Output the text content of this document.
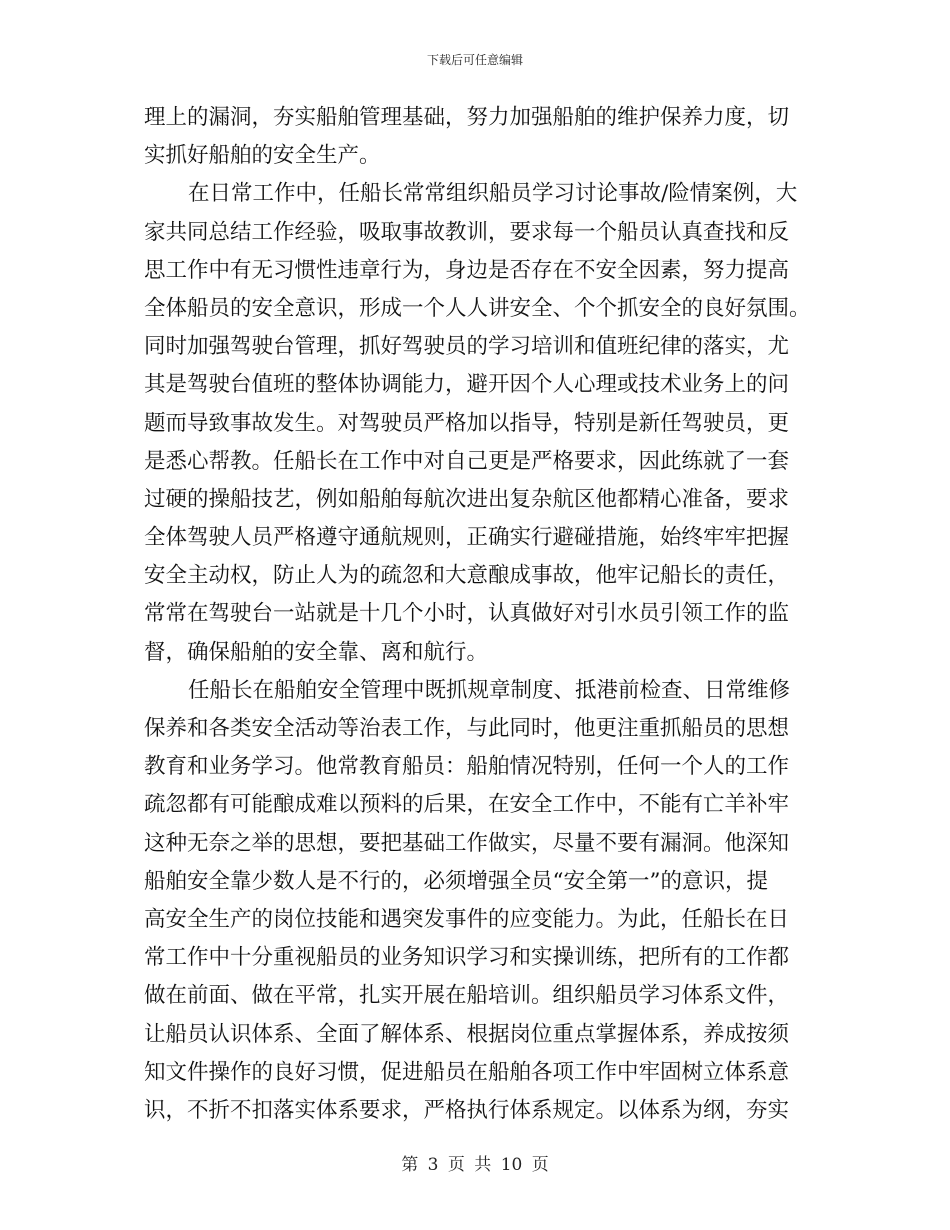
下载后可任意编辑

理上的漏洞，夯实船舶管理基础，努力加强船舶的维护保养力度，切
实抓好船舶的安全生产。

在日常工作中，任船长常常组织船员学习讨论事故/险情案例，大
家共同总结工作经验，吸取事故教训，要求每一个船员认真查找和反
思工作中有无习惯性违章行为，身边是否存在不安全因素，努力提高
全体船员的安全意识，形成一个人人讲安全、个个抓安全的良好氛围。
同时加强驾驶台管理，抓好驾驶员的学习培训和值班纪律的落实，尤
其是驾驶台值班的整体协调能力，避开因个人心理或技术业务上的问
题而导致事故发生。对驾驶员严格加以指导，特别是新任驾驶员，更
是悉心帮教。任船长在工作中对自己更是严格要求，因此练就了一套
过硬的操船技艺，例如船舶每航次进出复杂航区他都精心准备，要求
全体驾驶人员严格遵守通航规则，正确实行避碰措施，始终牢牢把握
安全主动权，防止人为的疏忽和大意酿成事故，他牢记船长的责任，
常常在驾驶台一站就是十几个小时，认真做好对引水员引领工作的监
督，确保船舶的安全靠、离和航行。

任船长在船舶安全管理中既抓规章制度、抵港前检查、日常维修
保养和各类安全活动等治表工作，与此同时，他更注重抓船员的思想
教育和业务学习。他常教育船员：船舶情况特别，任何一个人的工作
疏忽都有可能酿成难以预料的后果，在安全工作中，不能有亡羊补牢
这种无奈之举的思想，要把基础工作做实，尽量不要有漏洞。他深知
船舶安全靠少数人是不行的，必须增强全员“安全第一”的意识，提
高安全生产的岗位技能和遇突发事件的应变能力。为此，任船长在日
常工作中十分重视船员的业务知识学习和实操训练，把所有的工作都
做在前面、做在平常，扎实开展在船培训。组织船员学习体系文件，
让船员认识体系、全面了解体系、根据岗位重点掌握体系，养成按须
知文件操作的良好习惯，促进船员在船舶各项工作中牢固树立体系意
识，不折不扣落实体系要求，严格执行体系规定。以体系为纲，夯实

第 3 页 共 10 页
